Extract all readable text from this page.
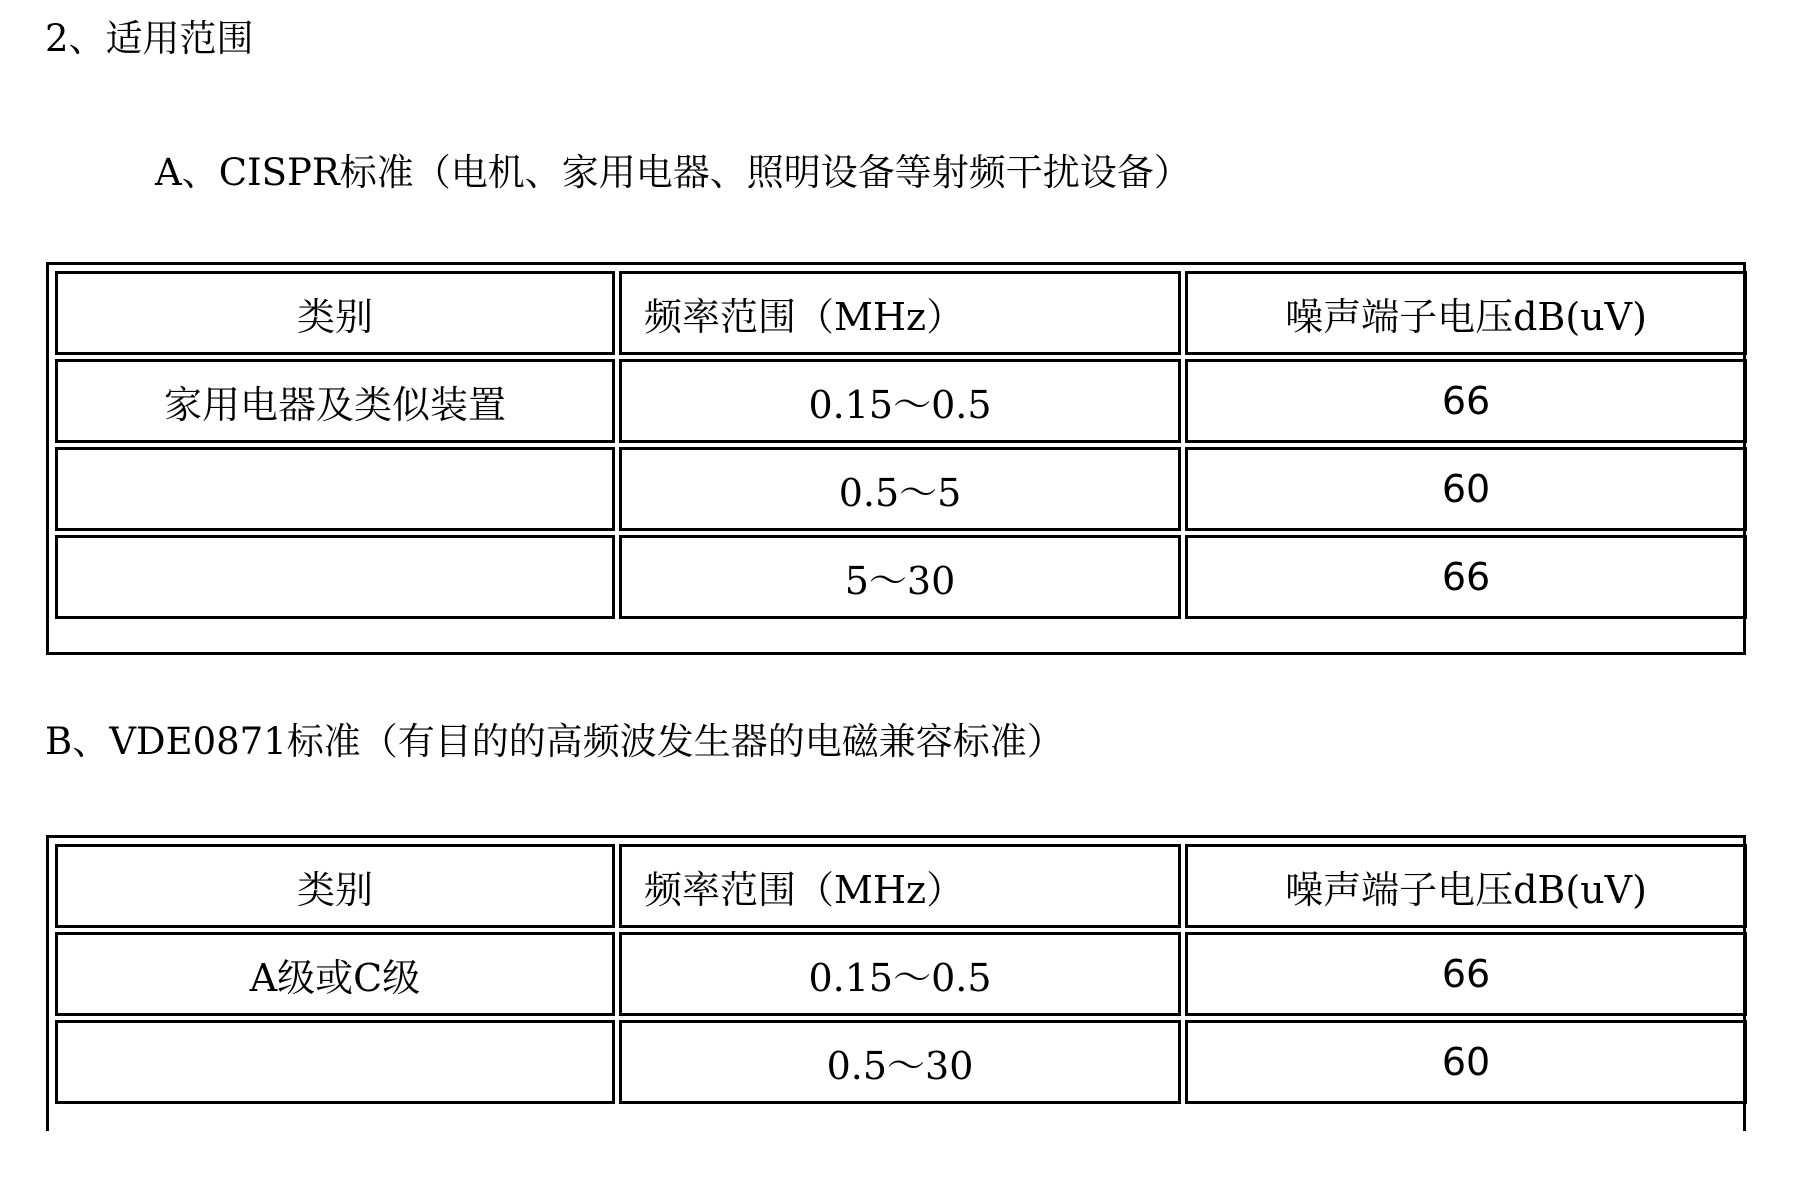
2、适用范围
A、CISPR标准（电机、家用电器、照明设备等射频干扰设备）
类别	频率范围（MHz）	噪声端子电压dB(uV)
家用电器及类似装置	0.15～0.5	66
	0.5～5	60
	5～30	66
B、VDE0871标准（有目的的高频波发生器的电磁兼容标准）
类别	频率范围（MHz）	噪声端子电压dB(uV)
A级或C级	0.15～0.5	66
	0.5～30	60
